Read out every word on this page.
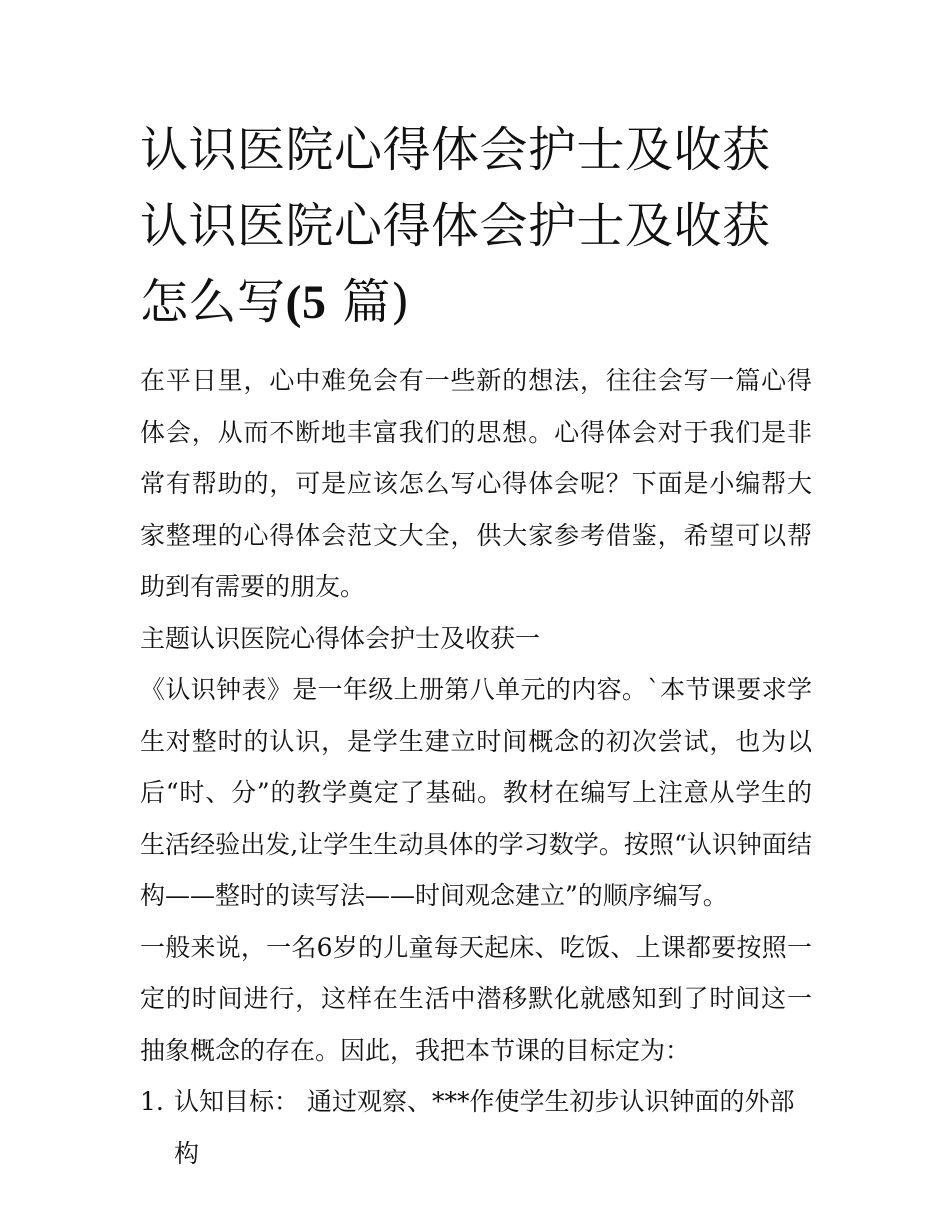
认识医院心得体会护士及收获认识医院心得体会护士及收获怎么写(5 篇)

在平日里，心中难免会有一些新的想法，往往会写一篇心得体会，从而不断地丰富我们的思想。心得体会对于我们是非常有帮助的，可是应该怎么写心得体会呢？下面是小编帮大家整理的心得体会范文大全，供大家参考借鉴，希望可以帮助到有需要的朋友。

主题认识医院心得体会护士及收获一

《认识钟表》是一年级上册第八单元的内容。`本节课要求学生对整时的认识，是学生建立时间概念的初次尝试，也为以后“时、分”的教学奠定了基础。教材在编写上注意从学生的生活经验出发,让学生生动具体的学习数学。按照“认识钟面结构——整时的读写法——时间观念建立”的顺序编写。

一般来说，一名6岁的儿童每天起床、吃饭、上课都要按照一定的时间进行，这样在生活中潜移默化就感知到了时间这一抽象概念的存在。因此，我把本节课的目标定为：

1. 认知目标： 通过观察、***作使学生初步认识钟面的外部构
